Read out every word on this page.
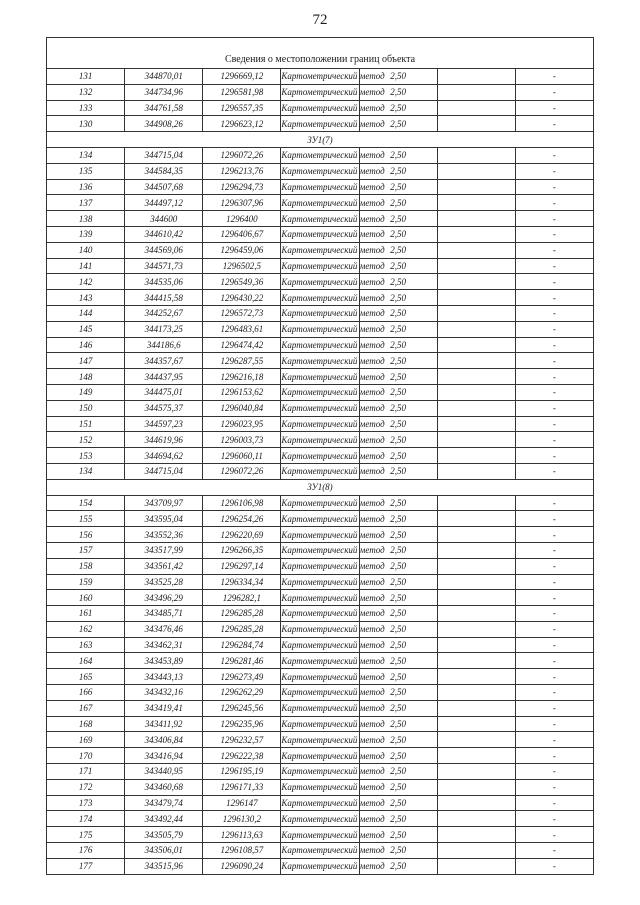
72

Сведения о местоположении границ объекта						
131	344870,01	1296669,12	Картометрический метод	2,50		-
132	344734,96	1296581,98	Картометрический метод	2,50		-
133	344761,58	1296557,35	Картометрический метод	2,50		-
130	344908,26	1296623,12	Картометрический метод	2,50		-
ЗУ1(7)						
134	344715,04	1296072,26	Картометрический метод	2,50		-
135	344584,35	1296213,76	Картометрический метод	2,50		-
136	344507,68	1296294,73	Картометрический метод	2,50		-
137	344497,12	1296307,96	Картометрический метод	2,50		-
138	344600	1296400	Картометрический метод	2,50		-
139	344610,42	1296406,67	Картометрический метод	2,50		-
140	344569,06	1296459,06	Картометрический метод	2,50		-
141	344571,73	1296502,5	Картометрический метод	2,50		-
142	344535,06	1296549,36	Картометрический метод	2,50		-
143	344415,58	1296430,22	Картометрический метод	2,50		-
144	344252,67	1296572,73	Картометрический метод	2,50		-
145	344173,25	1296483,61	Картометрический метод	2,50		-
146	344186,6	1296474,42	Картометрический метод	2,50		-
147	344357,67	1296287,55	Картометрический метод	2,50		-
148	344437,95	1296216,18	Картометрический метод	2,50		-
149	344475,01	1296153,62	Картометрический метод	2,50		-
150	344575,37	1296040,84	Картометрический метод	2,50		-
151	344597,23	1296023,95	Картометрический метод	2,50		-
152	344619,96	1296003,73	Картометрический метод	2,50		-
153	344694,62	1296060,11	Картометрический метод	2,50		-
134	344715,04	1296072,26	Картометрический метод	2,50		-
ЗУ1(8)						
154	343709,97	1296106,98	Картометрический метод	2,50		-
155	343595,04	1296254,26	Картометрический метод	2,50		-
156	343552,36	1296220,69	Картометрический метод	2,50		-
157	343517,99	1296266,35	Картометрический метод	2,50		-
158	343561,42	1296297,14	Картометрический метод	2,50		-
159	343525,28	1296334,34	Картометрический метод	2,50		-
160	343496,29	1296282,1	Картометрический метод	2,50		-
161	343485,71	1296285,28	Картометрический метод	2,50		-
162	343476,46	1296285,28	Картометрический метод	2,50		-
163	343462,31	1296284,74	Картометрический метод	2,50		-
164	343453,89	1296281,46	Картометрический метод	2,50		-
165	343443,13	1296273,49	Картометрический метод	2,50		-
166	343432,16	1296262,29	Картометрический метод	2,50		-
167	343419,41	1296245,56	Картометрический метод	2,50		-
168	343411,92	1296235,96	Картометрический метод	2,50		-
169	343406,84	1296232,57	Картометрический метод	2,50		-
170	343416,94	1296222,38	Картометрический метод	2,50		-
171	343440,95	1296195,19	Картометрический метод	2,50		-
172	343460,68	1296171,33	Картометрический метод	2,50		-
173	343479,74	1296147	Картометрический метод	2,50		-
174	343492,44	1296130,2	Картометрический метод	2,50		-
175	343505,79	1296113,63	Картометрический метод	2,50		-
176	343506,01	1296108,57	Картометрический метод	2,50		-
177	343515,96	1296090,24	Картометрический метод	2,50		-
